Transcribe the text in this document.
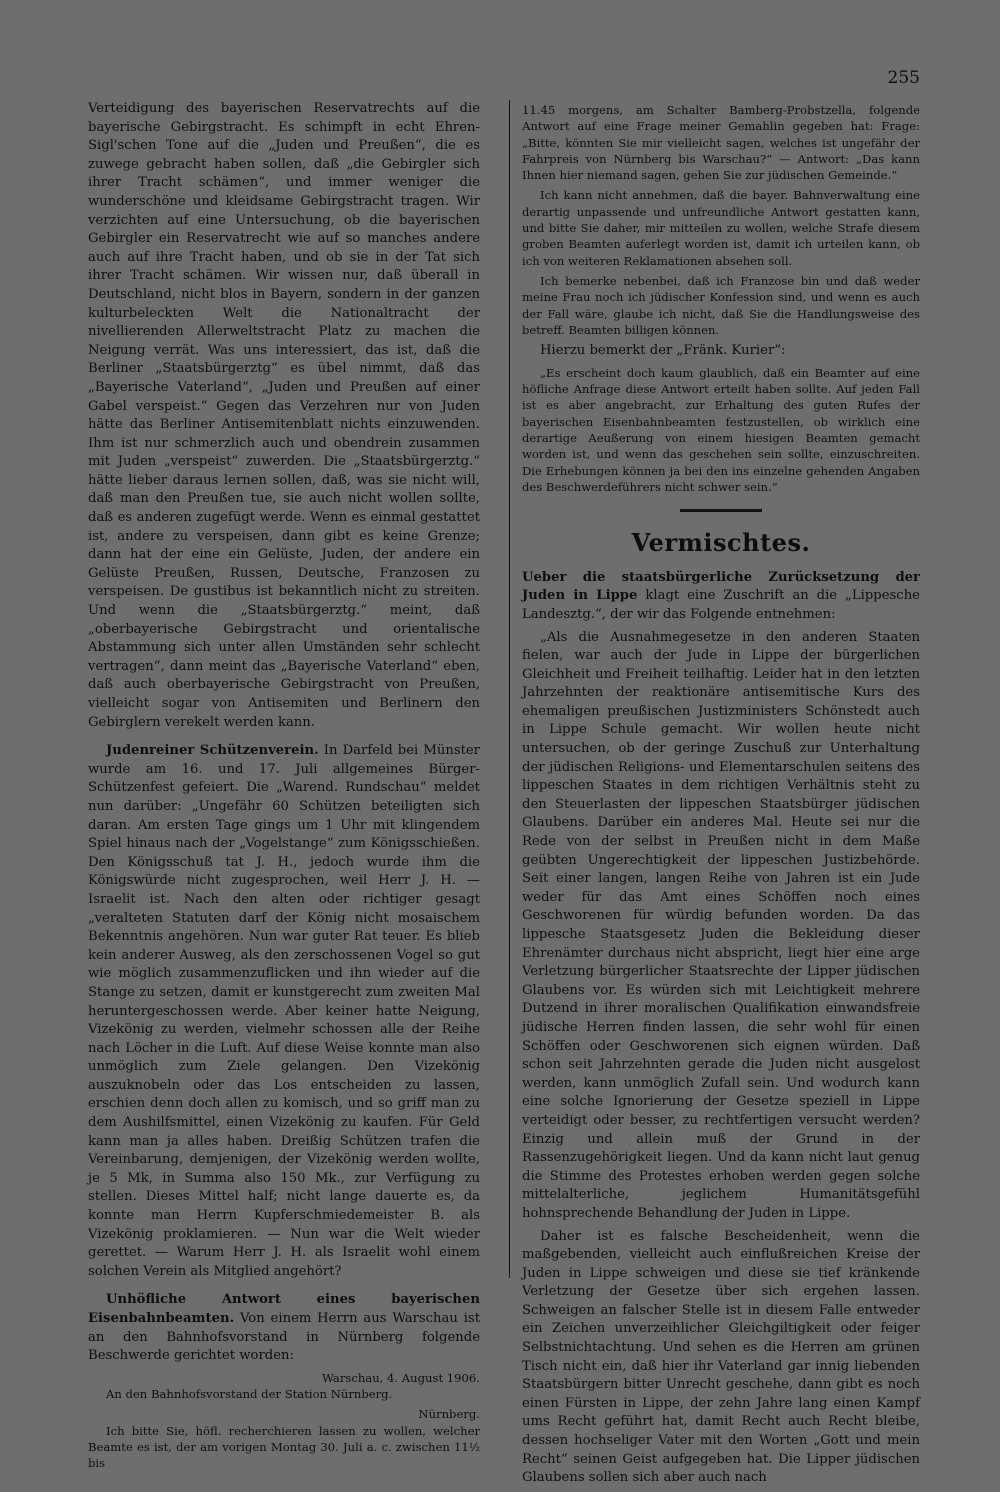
255

Verteidigung des bayerischen Reservatrechts auf die bayerische Gebirgstracht. Es schimpft in echt Ehren-Sigl'schen Tone auf die „Juden und Preußen“, die es zuwege gebracht haben sollen, daß „die Gebirgler sich ihrer Tracht schämen“, und immer weniger die wunderschöne und kleidsame Gebirgstracht tragen. Wir verzichten auf eine Untersuchung, ob die bayerischen Gebirgler ein Reservatrecht wie auf so manches andere auch auf ihre Tracht haben, und ob sie in der Tat sich ihrer Tracht schämen. Wir wissen nur, daß überall in Deutschland, nicht blos in Bayern, sondern in der ganzen kulturbeleckten Welt die Nationaltracht der nivellierenden Allerweltstracht Platz zu machen die Neigung verrät. Was uns interessiert, das ist, daß die Berliner „Staatsbürgerztg“ es übel nimmt, daß das „Bayerische Vaterland“, „Juden und Preußen auf einer Gabel verspeist.“ Gegen das Verzehren nur von Juden hätte das Berliner Antisemitenblatt nichts einzuwenden. Ihm ist nur schmerzlich auch und obendrein zusammen mit Juden „verspeist“ zuwerden. Die „Staatsbürgerztg.“ hätte lieber daraus lernen sollen, daß, was sie nicht will, daß man den Preußen tue, sie auch nicht wollen sollte, daß es anderen zugefügt werde. Wenn es einmal gestattet ist, andere zu verspeisen, dann gibt es keine Grenze; dann hat der eine ein Gelüste, Juden, der andere ein Gelüste Preußen, Russen, Deutsche, Franzosen zu verspeisen. De gustibus ist bekanntlich nicht zu streiten. Und wenn die „Staatsbürgerztg.“ meint, daß „oberbayerische Gebirgstracht und orientalische Abstammung sich unter allen Umständen sehr schlecht vertragen“, dann meint das „Bayerische Vaterland“ eben, daß auch oberbayerische Gebirgstracht von Preußen, vielleicht sogar von Antisemiten und Berlinern den Gebirglern verekelt werden kann.

Judenreiner Schützenverein. In Darfeld bei Münster wurde am 16. und 17. Juli allgemeines Bürger-Schützenfest gefeiert. Die „Warend. Rundschau“ meldet nun darüber: „Ungefähr 60 Schützen beteiligten sich daran. Am ersten Tage gings um 1 Uhr mit klingendem Spiel hinaus nach der „Vogelstange“ zum Königsschießen. Den Königsschuß tat J. H., jedoch wurde ihm die Königswürde nicht zugesprochen, weil Herr J. H. — Israelit ist. Nach den alten oder richtiger gesagt „veralteten Statuten darf der König nicht mosaischem Bekenntnis angehören. Nun war guter Rat teuer. Es blieb kein anderer Ausweg, als den zerschossenen Vogel so gut wie möglich zusammenzuflicken und ihn wieder auf die Stange zu setzen, damit er kunstgerecht zum zweiten Mal heruntergeschossen werde. Aber keiner hatte Neigung, Vizekönig zu werden, vielmehr schossen alle der Reihe nach Löcher in die Luft. Auf diese Weise konnte man also unmöglich zum Ziele gelangen. Den Vizekönig auszuknobeln oder das Los entscheiden zu lassen, erschien denn doch allen zu komisch, und so griff man zu dem Aushilfsmittel, einen Vizekönig zu kaufen. Für Geld kann man ja alles haben. Dreißig Schützen trafen die Vereinbarung, demjenigen, der Vizekönig werden wollte, je 5 Mk, in Summa also 150 Mk., zur Verfügung zu stellen. Dieses Mittel half; nicht lange dauerte es, da konnte man Herrn Kupferschmiedemeister B. als Vizekönig proklamieren. — Nun war die Welt wieder gerettet. — Warum Herr J. H. als Israelit wohl einem solchen Verein als Mitglied angehört?

Unhöfliche Antwort eines bayerischen Eisenbahnbeamten. Von einem Herrn aus Warschau ist an den Bahnhofsvorstand in Nürnberg folgende Beschwerde gerichtet worden:

Warschau, 4. August 1906.

An den Bahnhofsvorstand der Station Nürnberg.

Nürnberg.

Ich bitte Sie, höfl. recherchieren lassen zu wollen, welcher Beamte es ist, der am vorigen Montag 30. Juli a. c. zwischen 11½ bis

11.45 morgens, am Schalter Bamberg-Probstzella, folgende Antwort auf eine Frage meiner Gemahlin gegeben hat: Frage: „Bitte, könnten Sie mir vielleicht sagen, welches ist ungefähr der Fahrpreis von Nürnberg bis Warschau?“ — Antwort: „Das kann Ihnen hier niemand sagen, gehen Sie zur jüdischen Gemeinde.“

Ich kann nicht annehmen, daß die bayer. Bahnverwaltung eine derartig unpassende und unfreundliche Antwort gestatten kann, und bitte Sie daher, mir mitteilen zu wollen, welche Strafe diesem groben Beamten auferlegt worden ist, damit ich urteilen kann, ob ich von weiteren Reklamationen absehen soll.

Ich bemerke nebenbei, daß ich Franzose bin und daß weder meine Frau noch ich jüdischer Konfession sind, und wenn es auch der Fall wäre, glaube ich nicht, daß Sie die Handlungsweise des betreff. Beamten billigen können.

Hierzu bemerkt der „Fränk. Kurier“:

„Es erscheint doch kaum glaublich, daß ein Beamter auf eine höfliche Anfrage diese Antwort erteilt haben sollte. Auf jeden Fall ist es aber angebracht, zur Erhaltung des guten Rufes der bayerischen Eisenbahnbeamten festzustellen, ob wirklich eine derartige Aeußerung von einem hiesigen Beamten gemacht worden ist, und wenn das geschehen sein sollte, einzuschreiten. Die Erhebungen können ja bei den ins einzelne gehenden Angaben des Beschwerdeführers nicht schwer sein.“

Vermischtes.

Ueber die staatsbürgerliche Zurücksetzung der Juden in Lippe klagt eine Zuschrift an die „Lippesche Landesztg.“, der wir das Folgende entnehmen:

„Als die Ausnahmegesetze in den anderen Staaten fielen, war auch der Jude in Lippe der bürgerlichen Gleichheit und Freiheit teilhaftig. Leider hat in den letzten Jahrzehnten der reaktionäre antisemitische Kurs des ehemaligen preußischen Justizministers Schönstedt auch in Lippe Schule gemacht. Wir wollen heute nicht untersuchen, ob der geringe Zuschuß zur Unterhaltung der jüdischen Religions- und Elementarschulen seitens des lippeschen Staates in dem richtigen Verhältnis steht zu den Steuerlasten der lippeschen Staatsbürger jüdischen Glaubens. Darüber ein anderes Mal. Heute sei nur die Rede von der selbst in Preußen nicht in dem Maße geübten Ungerechtigkeit der lippeschen Justizbehörde. Seit einer langen, langen Reihe von Jahren ist ein Jude weder für das Amt eines Schöffen noch eines Geschworenen für würdig befunden worden. Da das lippesche Staatsgesetz Juden die Bekleidung dieser Ehrenämter durchaus nicht abspricht, liegt hier eine arge Verletzung bürgerlicher Staatsrechte der Lipper jüdischen Glaubens vor. Es würden sich mit Leichtigkeit mehrere Dutzend in ihrer moralischen Qualifikation einwandsfreie jüdische Herren finden lassen, die sehr wohl für einen Schöffen oder Geschworenen sich eignen würden. Daß schon seit Jahrzehnten gerade die Juden nicht ausgelost werden, kann unmöglich Zufall sein. Und wodurch kann eine solche Ignorierung der Gesetze speziell in Lippe verteidigt oder besser, zu rechtfertigen versucht werden? Einzig und allein muß der Grund in der Rassenzugehörigkeit liegen. Und da kann nicht laut genug die Stimme des Protestes erhoben werden gegen solche mittelalterliche, jeglichem Humanitätsgefühl hohnsprechende Behandlung der Juden in Lippe.

Daher ist es falsche Bescheidenheit, wenn die maßgebenden, vielleicht auch einflußreichen Kreise der Juden in Lippe schweigen und diese sie tief kränkende Verletzung der Gesetze über sich ergehen lassen. Schweigen an falscher Stelle ist in diesem Falle entweder ein Zeichen unverzeihlicher Gleichgiltigkeit oder feiger Selbstnichtachtung. Und sehen es die Herren am grünen Tisch nicht ein, daß hier ihr Vaterland gar innig liebenden Staatsbürgern bitter Unrecht geschehe, dann gibt es noch einen Fürsten in Lippe, der zehn Jahre lang einen Kampf ums Recht geführt hat, damit Recht auch Recht bleibe, dessen hochseliger Vater mit den Worten „Gott und mein Recht“ seinen Geist aufgegeben hat. Die Lipper jüdischen Glaubens sollen sich aber auch nach
